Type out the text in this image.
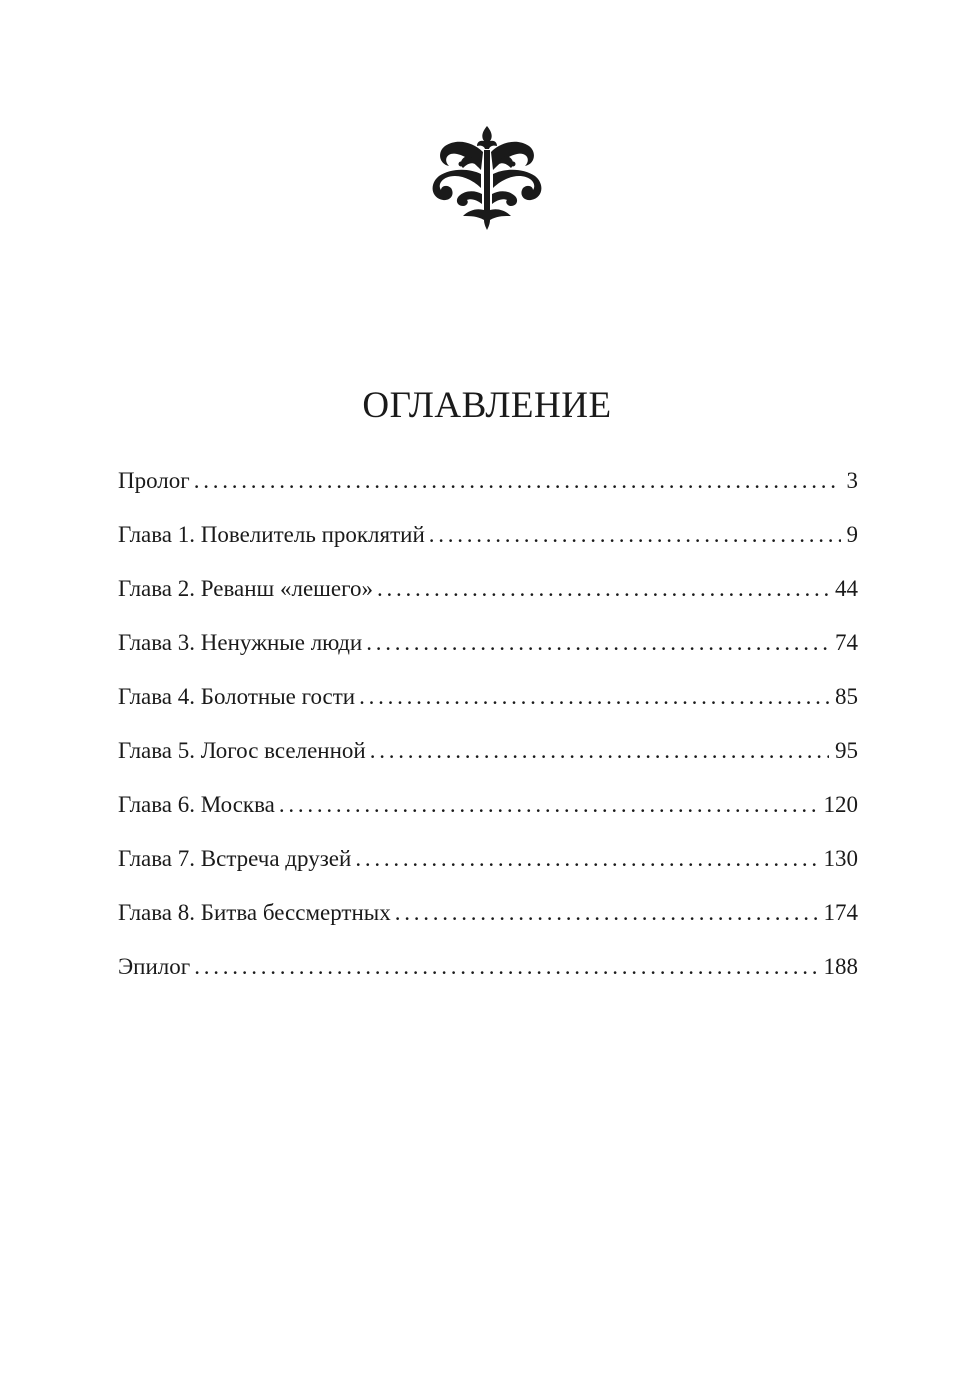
ОГЛАВЛЕНИЕ
Пролог . . .	3
Глава 1. Повелитель проклятий . . .	9
Глава 2. Реванш «лешего» . . .	44
Глава 3. Ненужные люди . . .	74
Глава 4. Болотные гости . . .	85
Глава 5. Логос вселенной . . .	95
Глава 6. Москва . . .	120
Глава 7. Встреча друзей . . .	130
Глава 8. Битва бессмертных . . .	174
Эпилог . . .	188
